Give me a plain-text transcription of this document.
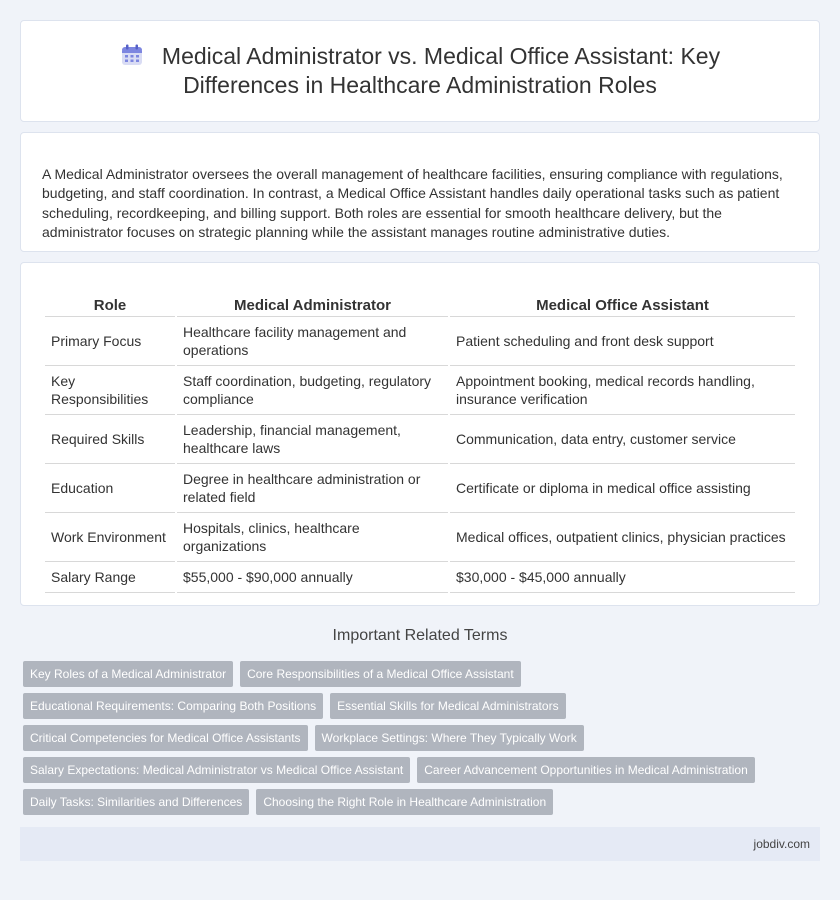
Medical Administrator vs. Medical Office Assistant: Key Differences in Healthcare Administration Roles

A Medical Administrator oversees the overall management of healthcare facilities, ensuring compliance with regulations, budgeting, and staff coordination. In contrast, a Medical Office Assistant handles daily operational tasks such as patient scheduling, recordkeeping, and billing support. Both roles are essential for smooth healthcare delivery, but the administrator focuses on strategic planning while the assistant manages routine administrative duties.

Role	Medical Administrator	Medical Office Assistant
Primary Focus	Healthcare facility management and operations	Patient scheduling and front desk support
Key Responsibilities	Staff coordination, budgeting, regulatory compliance	Appointment booking, medical records handling, insurance verification
Required Skills	Leadership, financial management, healthcare laws	Communication, data entry, customer service
Education	Degree in healthcare administration or related field	Certificate or diploma in medical office assisting
Work Environment	Hospitals, clinics, healthcare organizations	Medical offices, outpatient clinics, physician practices
Salary Range	$55,000 - $90,000 annually	$30,000 - $45,000 annually
Important Related Terms
Key Roles of a Medical Administrator	Core Responsibilities of a Medical Office Assistant
Educational Requirements: Comparing Both Positions	Essential Skills for Medical Administrators
Critical Competencies for Medical Office Assistants	Workplace Settings: Where They Typically Work
Salary Expectations: Medical Administrator vs Medical Office Assistant	Career Advancement Opportunities in Medical Administration
Daily Tasks: Similarities and Differences	Choosing the Right Role in Healthcare Administration
jobdiv.com
